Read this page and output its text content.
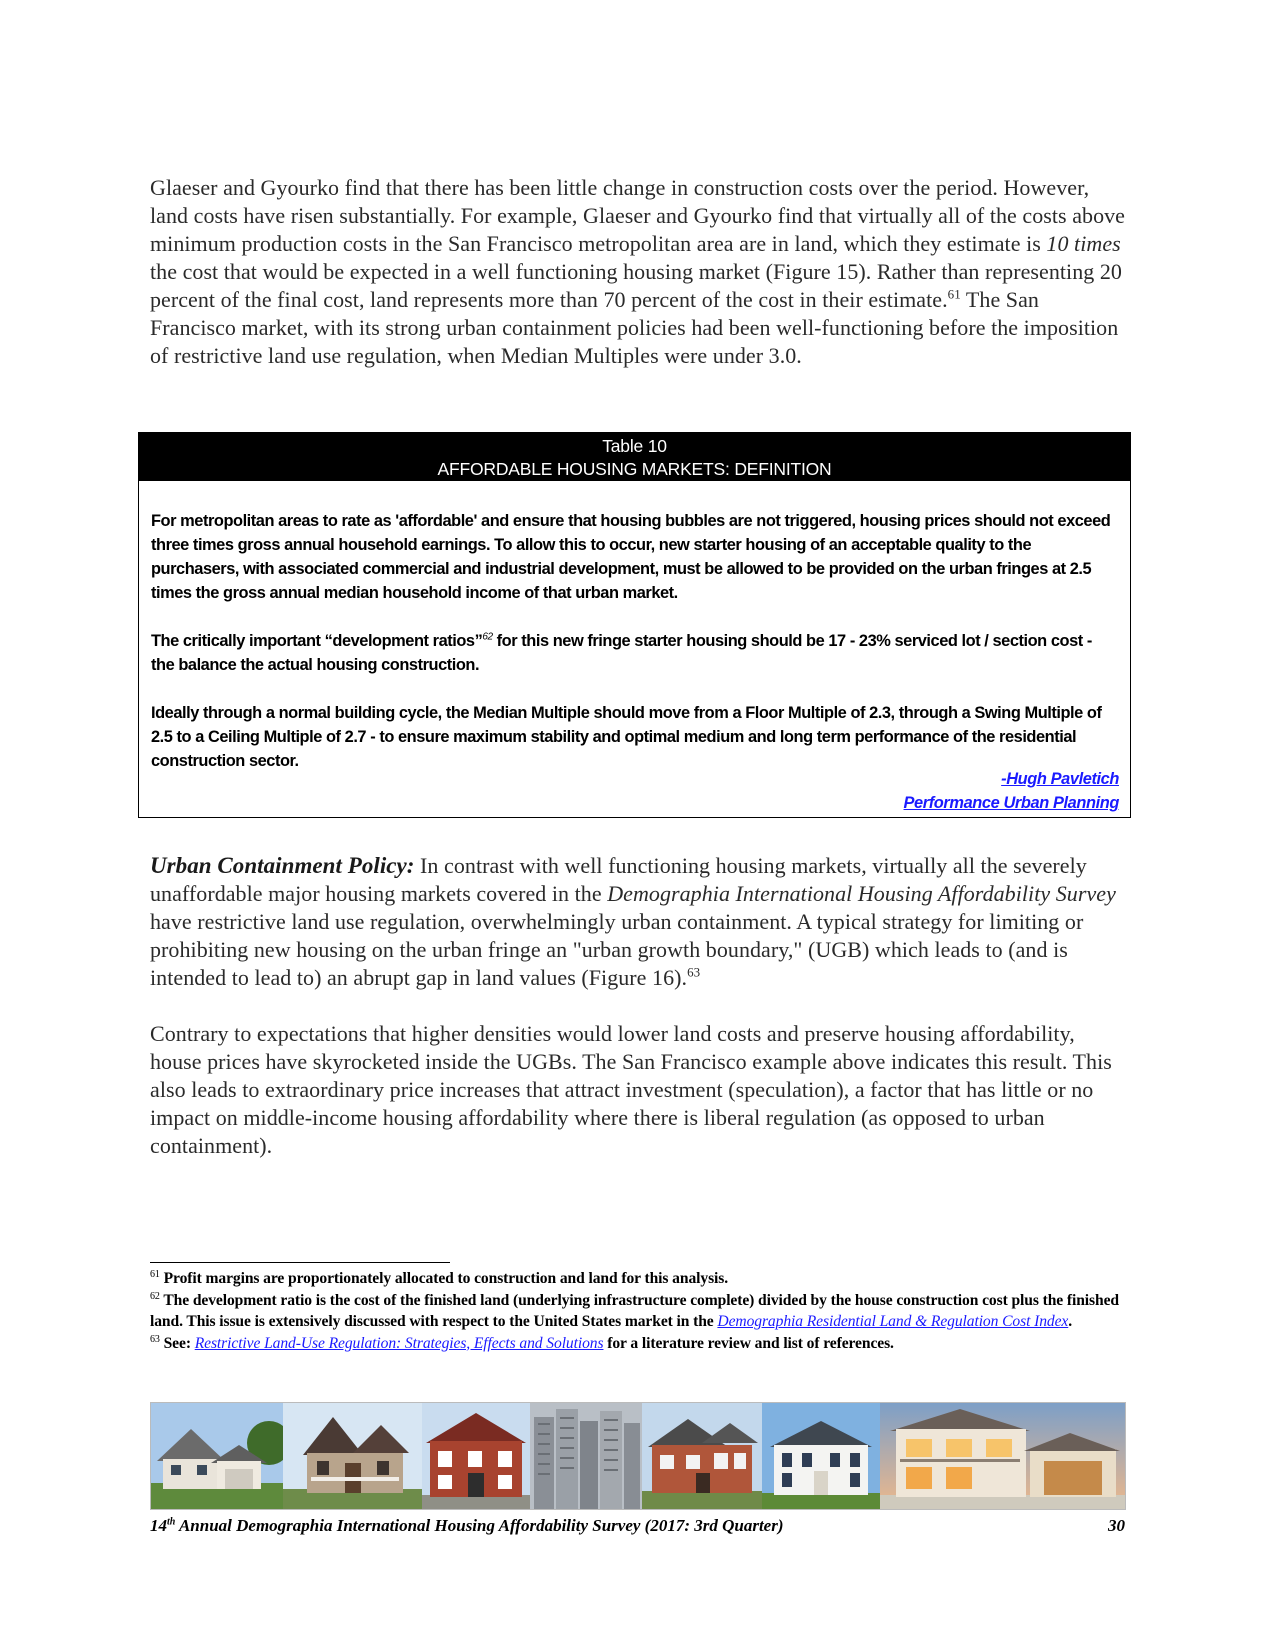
Glaeser and Gyourko find that there has been little change in construction costs over the period. However, land costs have risen substantially. For example, Glaeser and Gyourko find that virtually all of the costs above minimum production costs in the San Francisco metropolitan area are in land, which they estimate is 10 times the cost that would be expected in a well functioning housing market (Figure 15). Rather than representing 20 percent of the final cost, land represents more than 70 percent of the cost in their estimate.$^{61}$ The San Francisco market, with its strong urban containment policies had been well-functioning before the imposition of restrictive land use regulation, when Median Multiples were under 3.0.

Table 10
AFFORDABLE HOUSING MARKETS: DEFINITION

For metropolitan areas to rate as 'affordable' and ensure that housing bubbles are not triggered, housing prices should not exceed three times gross annual household earnings. To allow this to occur, new starter housing of an acceptable quality to the purchasers, with associated commercial and industrial development, must be allowed to be provided on the urban fringes at 2.5 times the gross annual median household income of that urban market.

The critically important “development ratios”$^{62}$ for this new fringe starter housing should be 17 - 23% serviced lot / section cost - the balance the actual housing construction.

Ideally through a normal building cycle, the Median Multiple should move from a Floor Multiple of 2.3, through a Swing Multiple of 2.5 to a Ceiling Multiple of 2.7 - to ensure maximum stability and optimal medium and long term performance of the residential construction sector.

-Hugh Pavletich
Performance Urban Planning

Urban Containment Policy: In contrast with well functioning housing markets, virtually all the severely unaffordable major housing markets covered in the Demographia International Housing Affordability Survey have restrictive land use regulation, overwhelmingly urban containment. A typical strategy for limiting or prohibiting new housing on the urban fringe an "urban growth boundary," (UGB) which leads to (and is intended to lead to) an abrupt gap in land values (Figure 16).$^{63}$

Contrary to expectations that higher densities would lower land costs and preserve housing affordability, house prices have skyrocketed inside the UGBs. The San Francisco example above indicates this result. This also leads to extraordinary price increases that attract investment (speculation), a factor that has little or no impact on middle-income housing affordability where there is liberal regulation (as opposed to urban containment).

$^{61}$ Profit margins are proportionately allocated to construction and land for this analysis.

$^{62}$ The development ratio is the cost of the finished land (underlying infrastructure complete) divided by the house construction cost plus the finished land. This issue is extensively discussed with respect to the United States market in the Demographia Residential Land & Regulation Cost Index.

$^{63}$ See: Restrictive Land-Use Regulation: Strategies, Effects and Solutions for a literature review and list of references.

14th Annual Demographia International Housing Affordability Survey (2017: 3rd Quarter)	30
